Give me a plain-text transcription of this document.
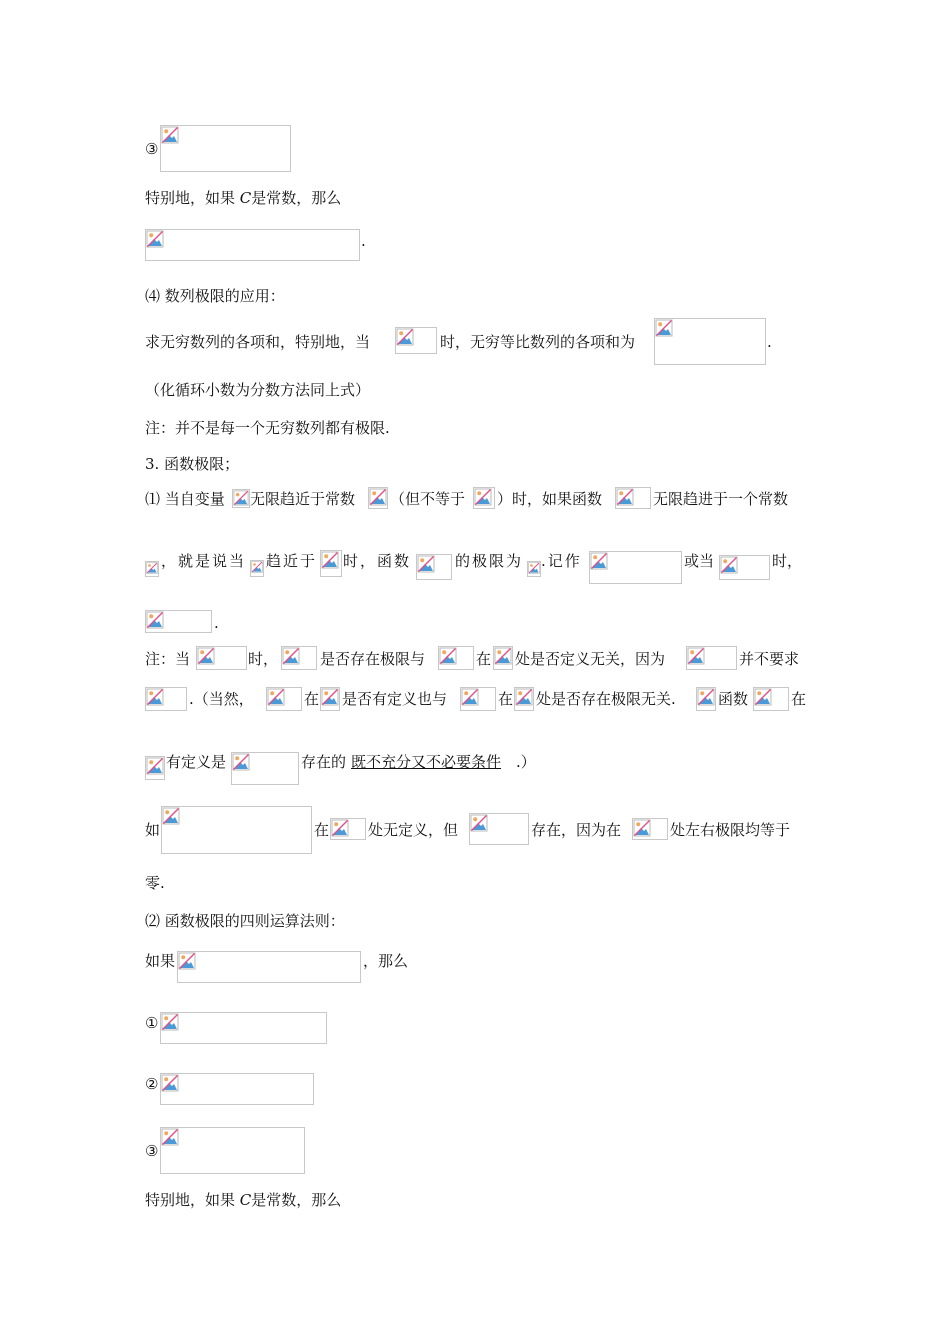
③
特别地，如果 C是常数，那么
.
⑷ 数列极限的应用：
求无穷数列的各项和，特别地，当	时，无穷等比数列的各项和为	.
（化循环小数为分数方法同上式）
注：并不是每一个无穷数列都有极限.
3. 函数极限；
⑴ 当自变量 无限趋近于常数 （但不等于 ）时，如果函数	无限趋进于一个常数
，就是说当 趋近于 时，函数	的极限为 .记作	或当	时，
.
注：当	时，	是否存在极限与	在 处是否定义无关，因为	并不要求
.（当然，	在 是否有定义也与	在 处是否存在极限无关.	函数	在
有定义是	存在的 既不充分又不必要条件 .）
如	在	处无定义，但	存在，因为在	处左右极限均等于
零.
⑵ 函数极限的四则运算法则：
如果	，那么
①
②
③
特别地，如果 C是常数，那么
